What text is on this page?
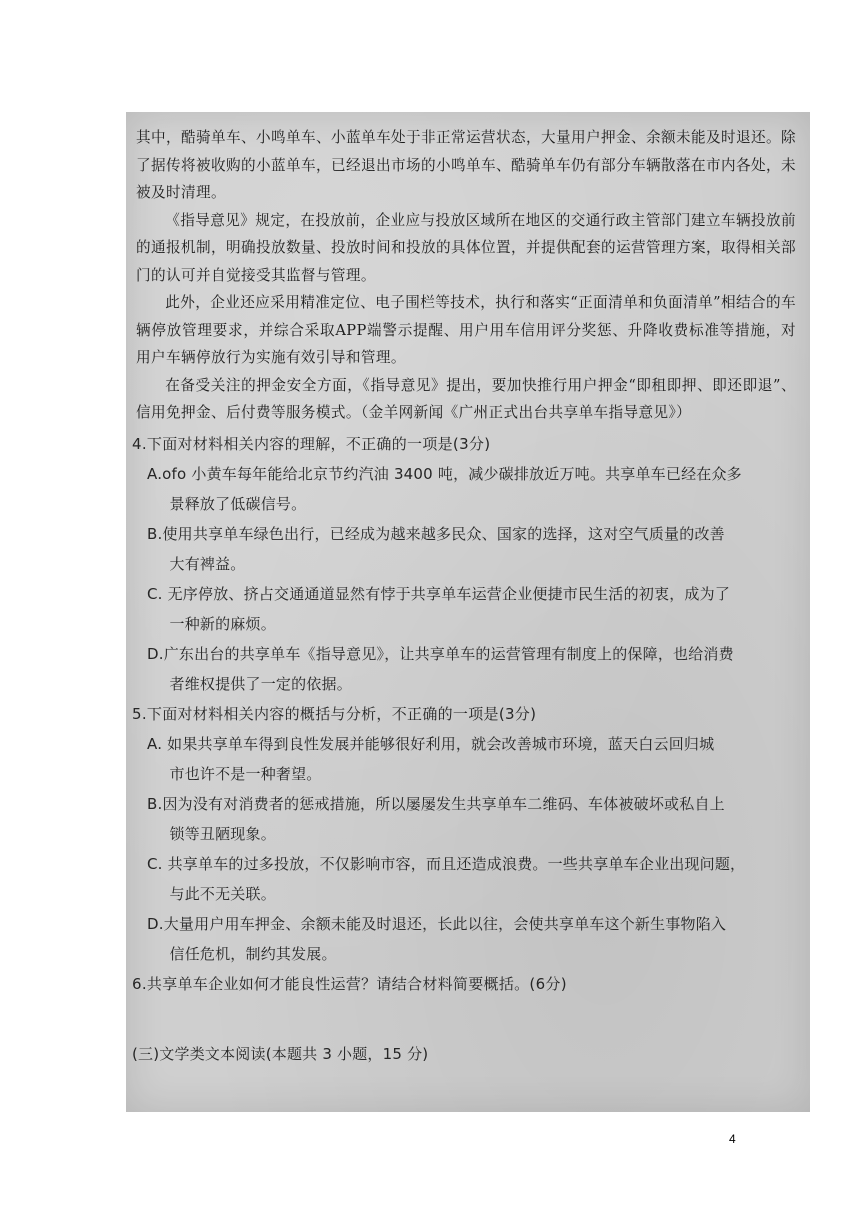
其中，酷骑单车、小鸣单车、小蓝单车处于非正常运营状态，大量用户押金、余额未能及时退还。除了据传将被收购的小蓝单车，已经退出市场的小鸣单车、酷骑单车仍有部分车辆散落在市内各处，未被及时清理。

《指导意见》规定，在投放前，企业应与投放区域所在地区的交通行政主管部门建立车辆投放前的通报机制，明确投放数量、投放时间和投放的具体位置，并提供配套的运营管理方案，取得相关部门的认可并自觉接受其监督与管理。

此外，企业还应采用精准定位、电子围栏等技术，执行和落实“正面清单和负面清单”相结合的车辆停放管理要求，并综合采取APP端警示提醒、用户用车信用评分奖惩、升降收费标准等措施，对用户车辆停放行为实施有效引导和管理。

在备受关注的押金安全方面，《指导意见》提出，要加快推行用户押金“即租即押、即还即退”、信用免押金、后付费等服务模式。（金羊网新闻《广州正式出台共享单车指导意见》）

4.下面对材料相关内容的理解，不正确的一项是(3分)

A.ofo 小黄车每年能给北京节约汽油 3400 吨，减少碳排放近万吨。共享单车已经在众多
景释放了低碳信号。

B.使用共享单车绿色出行，已经成为越来越多民众、国家的选择，这对空气质量的改善
大有裨益。

C. 无序停放、挤占交通通道显然有悖于共享单车运营企业便捷市民生活的初衷，成为了
一种新的麻烦。

D.广东出台的共享单车《指导意见》，让共享单车的运营管理有制度上的保障，也给消费
者维权提供了一定的依据。

5.下面对材料相关内容的概括与分析，不正确的一项是(3分)

A. 如果共享单车得到良性发展并能够很好利用，就会改善城市环境，蓝天白云回归城
市也许不是一种奢望。

B.因为没有对消费者的惩戒措施，所以屡屡发生共享单车二维码、车体被破坏或私自上
锁等丑陋现象。

C. 共享单车的过多投放，不仅影响市容，而且还造成浪费。一些共享单车企业出现问题，
与此不无关联。

D.大量用户用车押金、余额未能及时退还，长此以往，会使共享单车这个新生事物陷入
信任危机，制约其发展。

6.共享单车企业如何才能良性运营？请结合材料简要概括。(6分)

(三)文学类文本阅读(本题共 3 小题，15 分)

4
